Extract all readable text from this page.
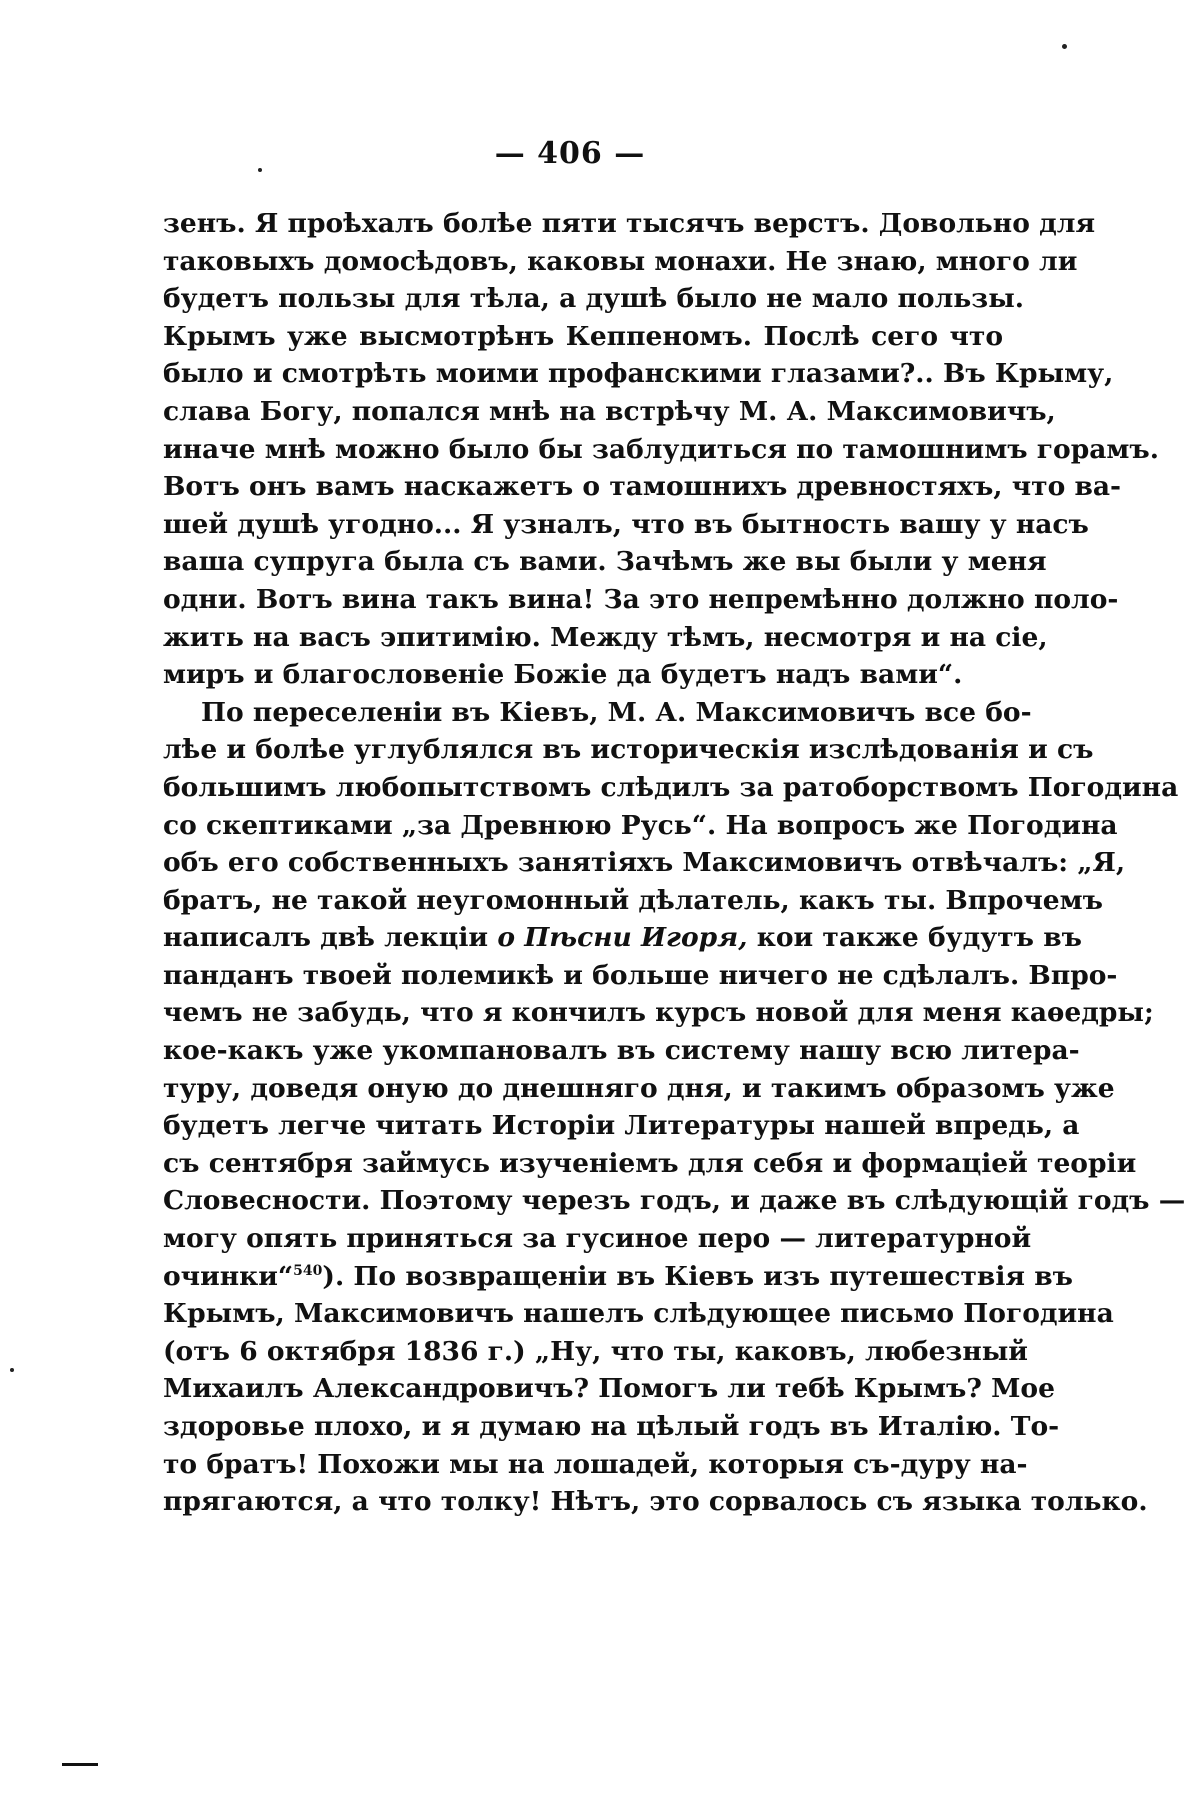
— 406 —
зенъ. Я проѣхалъ болѣе пяти тысячъ верстъ. Довольно для
таковыхъ домосѣдовъ, каковы монахи. Не знаю, много ли
будетъ пользы для тѣла, а душѣ было не мало пользы.
Крымъ уже высмотрѣнъ Кеппеномъ. Послѣ сего что
было и смотрѣть моими профанскими глазами?.. Въ Крыму,
слава Богу, попался мнѣ на встрѣчу М. А. Максимовичъ,
иначе мнѣ можно было бы заблудиться по тамошнимъ горамъ.
Вотъ онъ вамъ наскажетъ о тамошнихъ древностяхъ, что ва-
шей душѣ угодно... Я узналъ, что въ бытность вашу у насъ
ваша супруга была съ вами. Зачѣмъ же вы были у меня
одни. Вотъ вина такъ вина! За это непремѣнно должно поло-
жить на васъ эпитимію. Между тѣмъ, несмотря и на сіе,
миръ и благословеніе Божіе да будетъ надъ вами“.
По переселеніи въ Кіевъ, М. А. Максимовичъ все бо-
лѣе и болѣе углублялся въ историческія изслѣдованія и съ
большимъ любопытствомъ слѣдилъ за ратоборствомъ Погодина
со скептиками „за Древнюю Русь“. На вопросъ же Погодина
объ его собственныхъ занятіяхъ Максимовичъ отвѣчалъ: „Я,
братъ, не такой неугомонный дѣлатель, какъ ты. Впрочемъ
написалъ двѣ лекціи о Пѣсни Игоря, кои также будутъ въ
панданъ твоей полемикѣ и больше ничего не сдѣлалъ. Впро-
чемъ не забудь, что я кончилъ курсъ новой для меня каѳедры;
кое-какъ уже укомпановалъ въ систему нашу всю литера-
туру, доведя оную до днешняго дня, и такимъ образомъ уже
будетъ легче читать Исторіи Литературы нашей впредь, а
съ сентября займусь изученіемъ для себя и формаціей теоріи
Словесности. Поэтому черезъ годъ, и даже въ слѣдующій годъ —
могу опять приняться за гусиное перо — литературной
очинки“$^{540}$). По возвращеніи въ Кіевъ изъ путешествія въ
Крымъ, Максимовичъ нашелъ слѣдующее письмо Погодина
(отъ 6 октября 1836 г.) „Ну, что ты, каковъ, любезный
Михаилъ Александровичъ? Помогъ ли тебѣ Крымъ? Мое
здоровье плохо, и я думаю на цѣлый годъ въ Италію. То-
то братъ! Похожи мы на лошадей, которыя съ-дуру на-
прягаются, а что толку! Нѣтъ, это сорвалось съ языка только.
